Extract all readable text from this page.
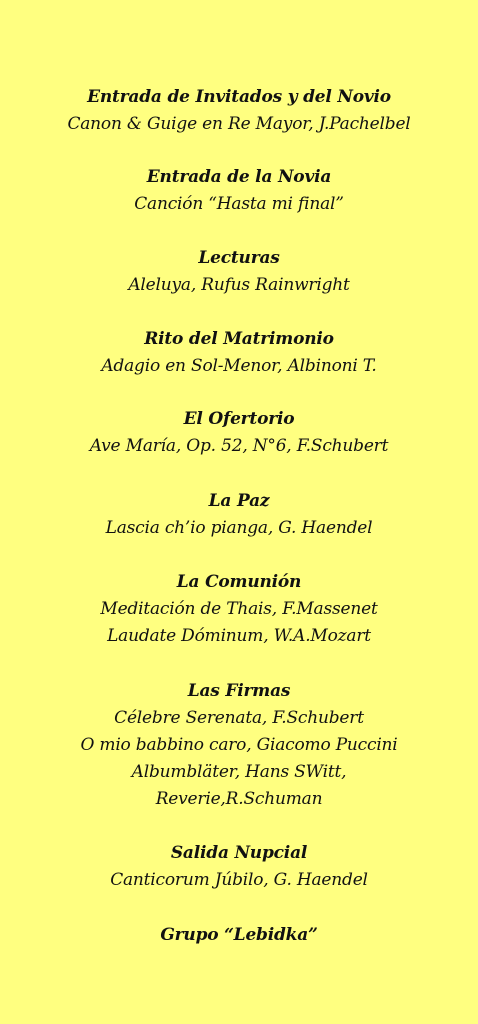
Entrada de Invitados y del Novio
Canon & Guige en Re Mayor, J.Pachelbel
Entrada de la Novia
Canción “Hasta mi final”
Lecturas
Aleluya, Rufus Rainwright
Rito del Matrimonio
Adagio en Sol-Menor, Albinoni T.
El Ofertorio
Ave María, Op. 52, N°6, F.Schubert
La Paz
Lascia ch’io pianga, G. Haendel
La Comunión
Meditación de Thais, F.Massenet
Laudate Dóminum, W.A.Mozart
Las Firmas
Célebre Serenata, F.Schubert
O mio babbino caro, Giacomo Puccini
Albumbläter, Hans SWitt,
Reverie,R.Schuman
Salida Nupcial
Canticorum Júbilo, G. Haendel
Grupo “Lebidka”
